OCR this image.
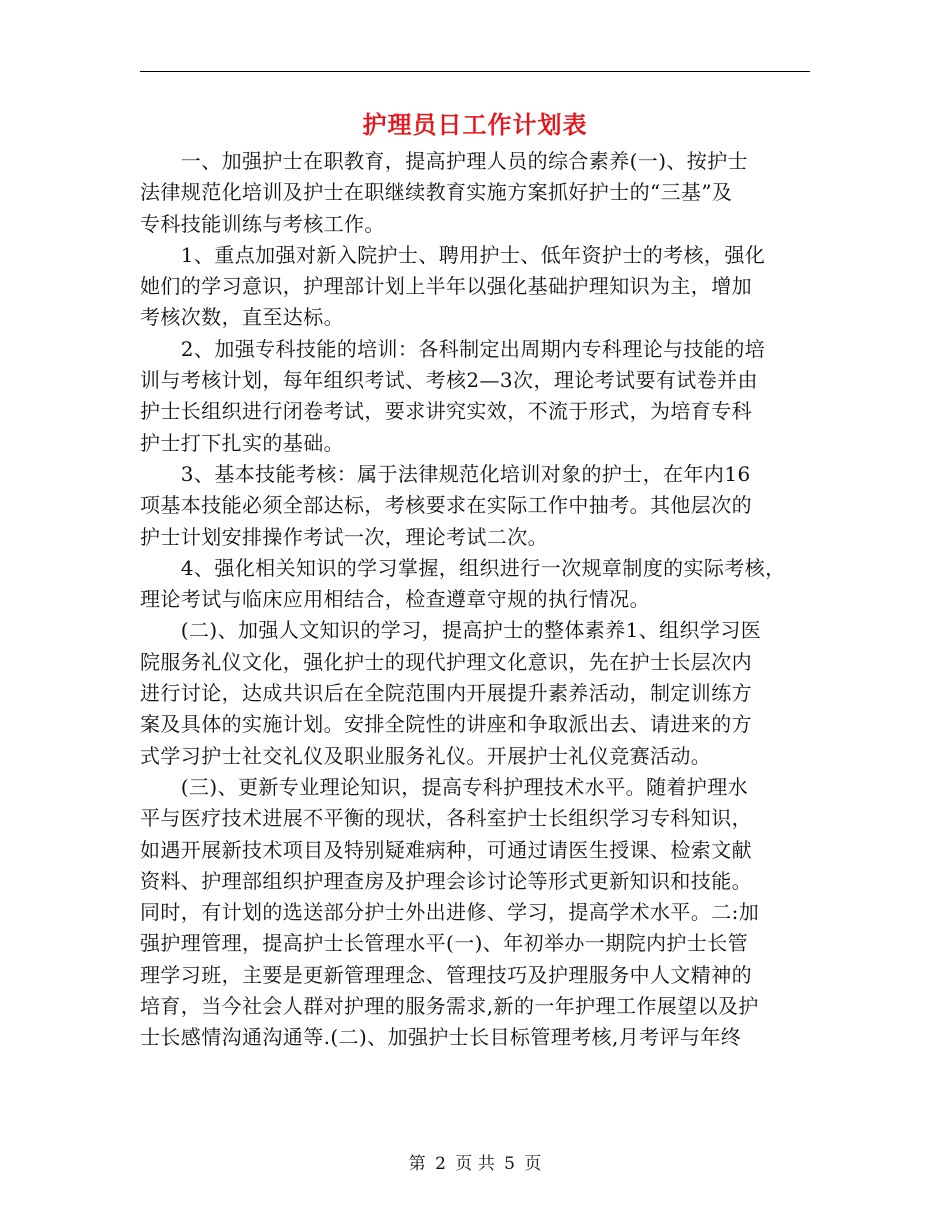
护理员日工作计划表
　　一、加强护士在职教育，提高护理人员的综合素养(一)、按护士
法律规范化培训及护士在职继续教育实施方案抓好护士的“三基”及
专科技能训练与考核工作。
　　1、重点加强对新入院护士、聘用护士、低年资护士的考核，强化
她们的学习意识，护理部计划上半年以强化基础护理知识为主，增加
考核次数，直至达标。
　　2、加强专科技能的培训：各科制定出周期内专科理论与技能的培
训与考核计划，每年组织考试、考核2—3次，理论考试要有试卷并由
护士长组织进行闭卷考试，要求讲究实效，不流于形式，为培育专科
护士打下扎实的基础。
　　3、基本技能考核：属于法律规范化培训对象的护士，在年内16
项基本技能必须全部达标，考核要求在实际工作中抽考。其他层次的
护士计划安排操作考试一次，理论考试二次。
　　4、强化相关知识的学习掌握，组织进行一次规章制度的实际考核，
理论考试与临床应用相结合，检查遵章守规的执行情况。
　　(二)、加强人文知识的学习，提高护士的整体素养1、组织学习医
院服务礼仪文化，强化护士的现代护理文化意识，先在护士长层次内
进行讨论，达成共识后在全院范围内开展提升素养活动，制定训练方
案及具体的实施计划。安排全院性的讲座和争取派出去、请进来的方
式学习护士社交礼仪及职业服务礼仪。开展护士礼仪竞赛活动。
　　(三)、更新专业理论知识，提高专科护理技术水平。随着护理水
平与医疗技术进展不平衡的现状，各科室护士长组织学习专科知识，
如遇开展新技术项目及特别疑难病种，可通过请医生授课、检索文献
资料、护理部组织护理查房及护理会诊讨论等形式更新知识和技能。
同时，有计划的选送部分护士外出进修、学习，提高学术水平。二:加
强护理管理，提高护士长管理水平(一)、年初举办一期院内护士长管
理学习班，主要是更新管理理念、管理技巧及护理服务中人文精神的
培育，当今社会人群对护理的服务需求,新的一年护理工作展望以及护
士长感情沟通沟通等.(二)、加强护士长目标管理考核,月考评与年终
第 2 页 共 5 页
